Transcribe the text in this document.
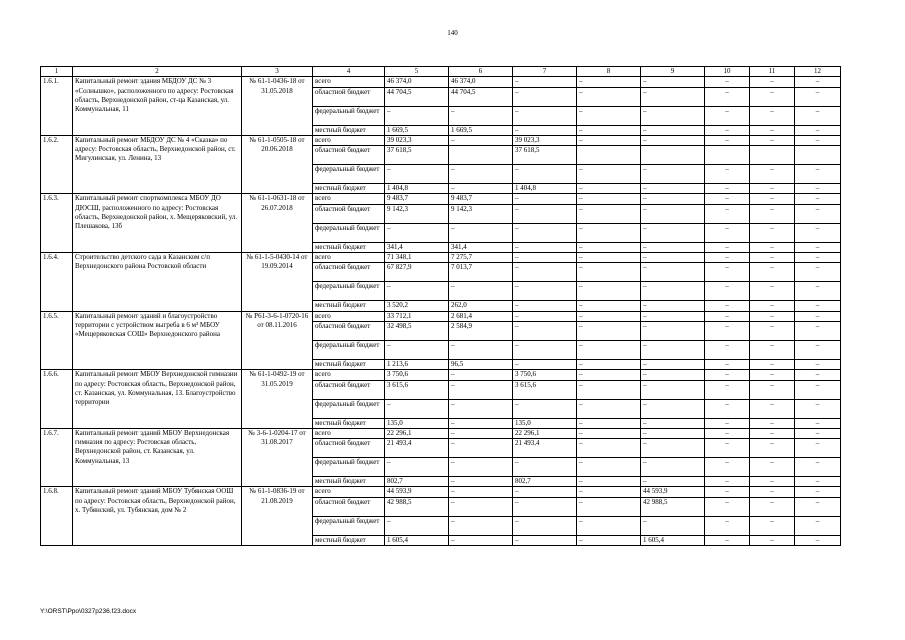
140
1	2	3	4	5	6	7	8	9	10	11	12
1.6.1.	Капитальный ремонт здания МБДОУ ДС № 3 «Солнышко», расположенного по адресу: Ростовская область, Верхнедонской район, ст-ца Казанская, ул. Коммунальная, 11	№ 61-1-0436-18 от 31.05.2018	всего	46 374,0	46 374,0	–	–	–	–	–	–
			областной бюджет	44 704,5	44 704,5	–	–	–	–	–	–
			федеральный бюджет	–	–	–	–	–	–	–	–
			местный бюджет	1 669,5	1 669,5	–	–	–	–	–	–
1.6.2.	Капитальный ремонт МБДОУ ДС № 4 «Сказка» по адресу: Ростовская область, Верхнедонской район, ст. Мигулинская, ул. Ленина, 13	№ 61-1-0505-18 от 20.06.2018	всего	39 023,3	–	39 023,3	–	–	–	–	–
			областной бюджет	37 618,5		37 618,5					
			федеральный бюджет	–	–	–	–	–	–	–	–
			местный бюджет	1 404,8	–	1 404,8	–	–	–	–	–
1.6.3.	Капитальный ремонт спорткомплекса МБОУ ДО ДЮСШ, расположенного по адресу: Ростовская область, Верхнедонской район, х. Мещеряковский, ул. Плешакова, 13б	№ 61-1-0631-18 от 26.07.2018	всего	9 483,7	9 483,7	–	–	–	–	–	–
			областной бюджет	9 142,3	9 142,3	–	–	–	–	–	–
			федеральный бюджет	–	–	–	–	–	–	–	–
			местный бюджет	341,4	341,4	–	–	–	–	–	–
1.6.4.	Строительство детского сада в Казанском с/п Верхнедонского района Ростовской области	№ 61-1-5-0430-14 от 19.09.2014	всего	71 348,1	7 275,7	–	–	–	–	–	–
			областной бюджет	67 827,9	7 013,7	–	–	–	–	–	–
			федеральный бюджет	–	–	–	–	–	–	–	–
			местный бюджет	3 520,2	262,0	–	–	–	–	–	–
1.6.5.	Капитальный ремонт зданий и благоустройство территории с устройством выгреба в 6 м³ МБОУ «Мещеряковская СОШ» Верхнедонского района	№ Р61-3-6-1-0720-16 от 08.11.2016	всего	33 712,1	2 681,4	–	–	–	–	–	–
			областной бюджет	32 498,5	2 584,9	–	–	–	–	–	–
			федеральный бюджет	–	–	–	–	–	–	–	–
			местный бюджет	1 213,6	96,5	–	–	–	–	–	–
1.6.6.	Капитальный ремонт МБОУ Верхнедонской гимназии по адресу: Ростовская область, Верхнедонской район, ст. Казанская, ул. Коммунальная, 13. Благоустройство территории	№ 61-1-0492-19 от 31.05.2019	всего	3 750,6	–	3 750,6	–	–	–	–	–
			областной бюджет	3 615,6	–	3 615,6	–	–	–	–	–
			федеральный бюджет	–	–	–	–	–	–	–	–
			местный бюджет	135,0	–	135,0	–	–	–	–	–
1.6.7.	Капитальный ремонт зданий МБОУ Верхнедонская гимназия по адресу: Ростовская область, Верхнедонской район, ст. Казанская, ул. Коммунальная, 13	№ 3-6-1-0204-17 от 31.08.2017	всего	22 296,1	–	22 296,1	–	–	–	–	–
			областной бюджет	21 493,4	–	21 493,4	–	–	–	–	–
			федеральный бюджет	–	–	–	–	–	–	–	–
			местный бюджет	802,7	–	802,7	–	–	–	–	–
1.6.8.	Капитальный ремонт зданий МБОУ Тубянская ООШ по адресу: Ростовская область, Верхнедонской район, х. Тубянский, ул. Тубянская, дом № 2	№ 61-1-0836-19 от 21.08.2019	всего	44 593,9	–	–	–	44 593,9	–	–	–
			областной бюджет	42 988,5	–	–	–	42 988,5	–	–	–
			федеральный бюджет	–	–	–	–	–	–	–	–
			местный бюджет	1 605,4	–	–	–	1 605,4	–	–	–
Y:\ORST\Ppo\0327p236.f23.docx
